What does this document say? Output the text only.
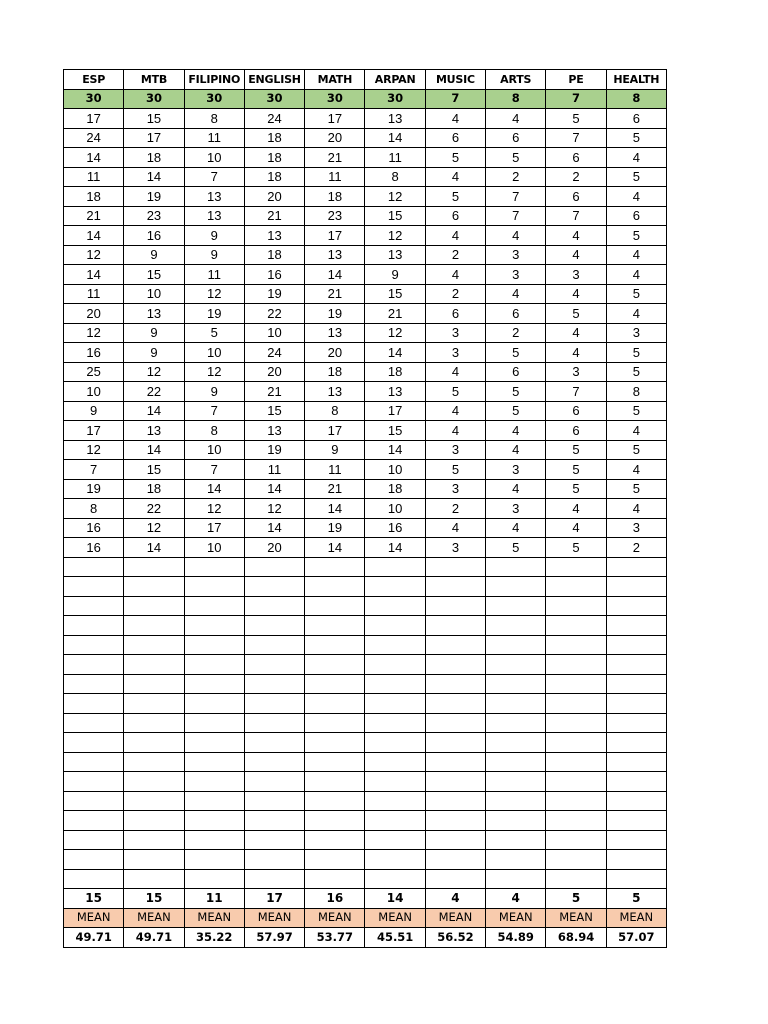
ESP	MTB	FILIPINO	ENGLISH	MATH	ARPAN	MUSIC	ARTS	PE	HEALTH
30	30	30	30	30	30	7	8	7	8
17	15	8	24	17	13	4	4	5	6
24	17	11	18	20	14	6	6	7	5
14	18	10	18	21	11	5	5	6	4
11	14	7	18	11	8	4	2	2	5
18	19	13	20	18	12	5	7	6	4
21	23	13	21	23	15	6	7	7	6
14	16	9	13	17	12	4	4	4	5
12	9	9	18	13	13	2	3	4	4
14	15	11	16	14	9	4	3	3	4
11	10	12	19	21	15	2	4	4	5
20	13	19	22	19	21	6	6	5	4
12	9	5	10	13	12	3	2	4	3
16	9	10	24	20	14	3	5	4	5
25	12	12	20	18	18	4	6	3	5
10	22	9	21	13	13	5	5	7	8
9	14	7	15	8	17	4	5	6	5
17	13	8	13	17	15	4	4	6	4
12	14	10	19	9	14	3	4	5	5
7	15	7	11	11	10	5	3	5	4
19	18	14	14	21	18	3	4	5	5
8	22	12	12	14	10	2	3	4	4
16	12	17	14	19	16	4	4	4	3
16	14	10	20	14	14	3	5	5	2

15	15	11	17	16	14	4	4	5	5
MEAN	MEAN	MEAN	MEAN	MEAN	MEAN	MEAN	MEAN	MEAN	MEAN
49.71	49.71	35.22	57.97	53.77	45.51	56.52	54.89	68.94	57.07
